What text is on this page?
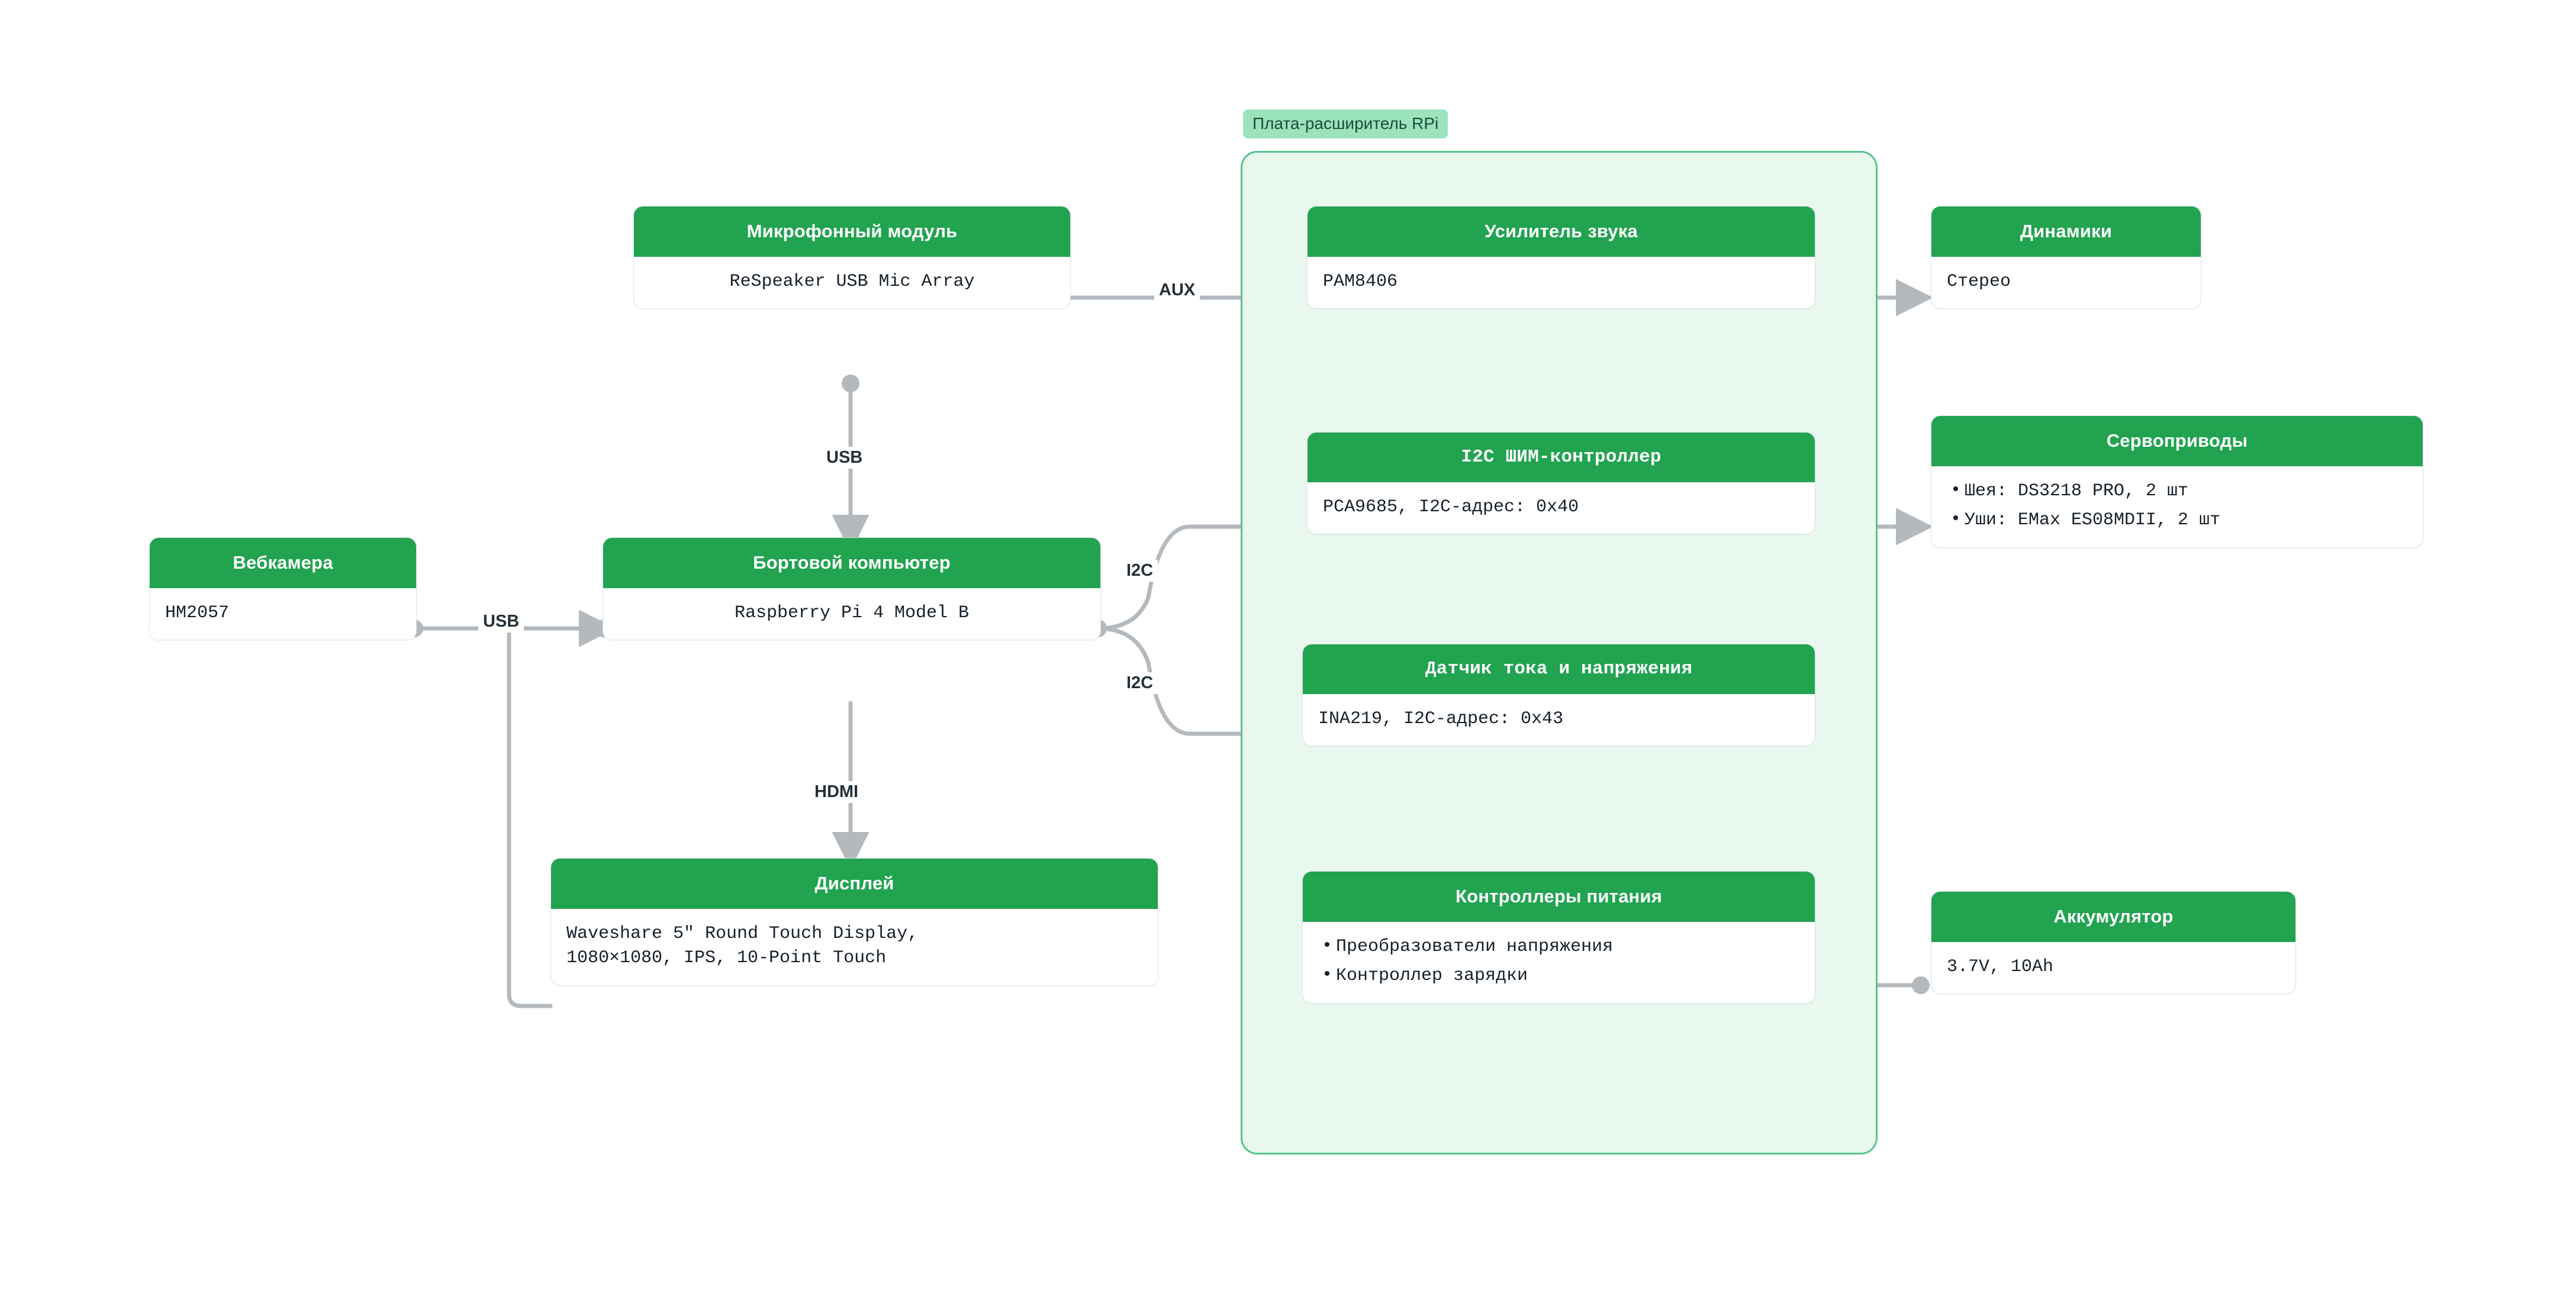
Плата-расширитель RPi
Вебкамера
HM2057
Микрофонный модуль
ReSpeaker USB Mic Array
Бортовой компьютер
Raspberry Pi 4 Model B
Дисплей
Waveshare 5" Round Touch Display,
1080×1080, IPS, 10-Point Touch
Усилитель звука
PAM8406
Динамики
Стерео
I2C ШИМ-контроллер
PCA9685, I2C-адрес: 0x40
Сервоприводы
• Шея: DS3218 PRO, 2 шт
• Уши: EMax ES08MDII, 2 шт
Датчик тока и напряжения
INA219, I2C-адрес: 0x43
Контроллеры питания
• Преобразователи напряжения
• Контроллер зарядки
Аккумулятор
3.7V, 10Ah
USB
USB
HDMI
AUX
I2C
I2C
